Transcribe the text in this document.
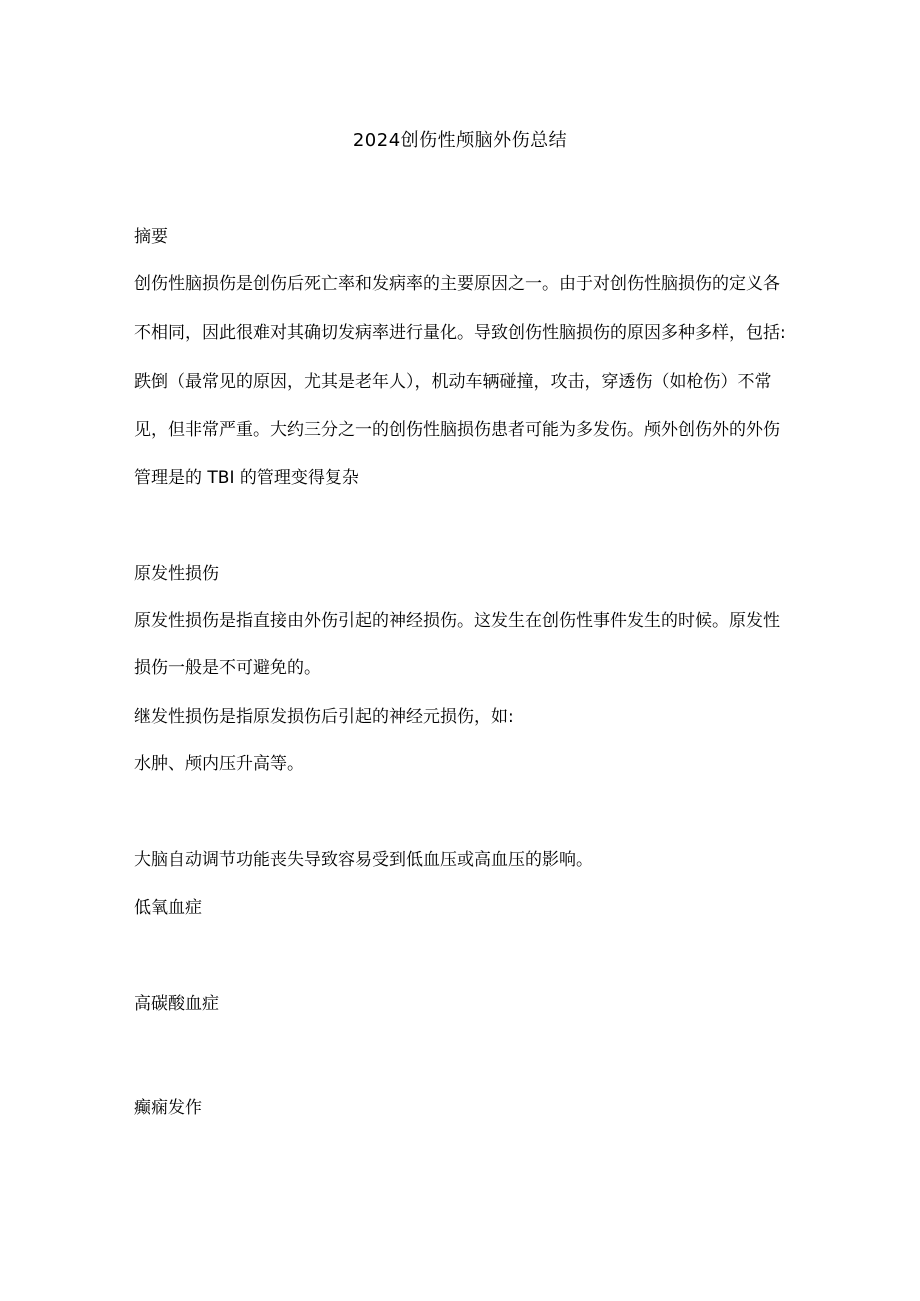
2024创伤性颅脑外伤总结
摘要
创伤性脑损伤是创伤后死亡率和发病率的主要原因之一。由于对创伤性脑损伤的定义各
不相同，因此很难对其确切发病率进行量化。导致创伤性脑损伤的原因多种多样，包括:
跌倒（最常见的原因，尤其是老年人），机动车辆碰撞，攻击，穿透伤（如枪伤）不常
见，但非常严重。大约三分之一的创伤性脑损伤患者可能为多发伤。颅外创伤外的外伤
管理是的 TBI 的管理变得复杂
原发性损伤
原发性损伤是指直接由外伤引起的神经损伤。这发生在创伤性事件发生的时候。原发性
损伤一般是不可避免的。
继发性损伤是指原发损伤后引起的神经元损伤，如:
水肿、颅内压升高等。
大脑自动调节功能丧失导致容易受到低血压或高血压的影响。
低氧血症
高碳酸血症
癫痫发作
